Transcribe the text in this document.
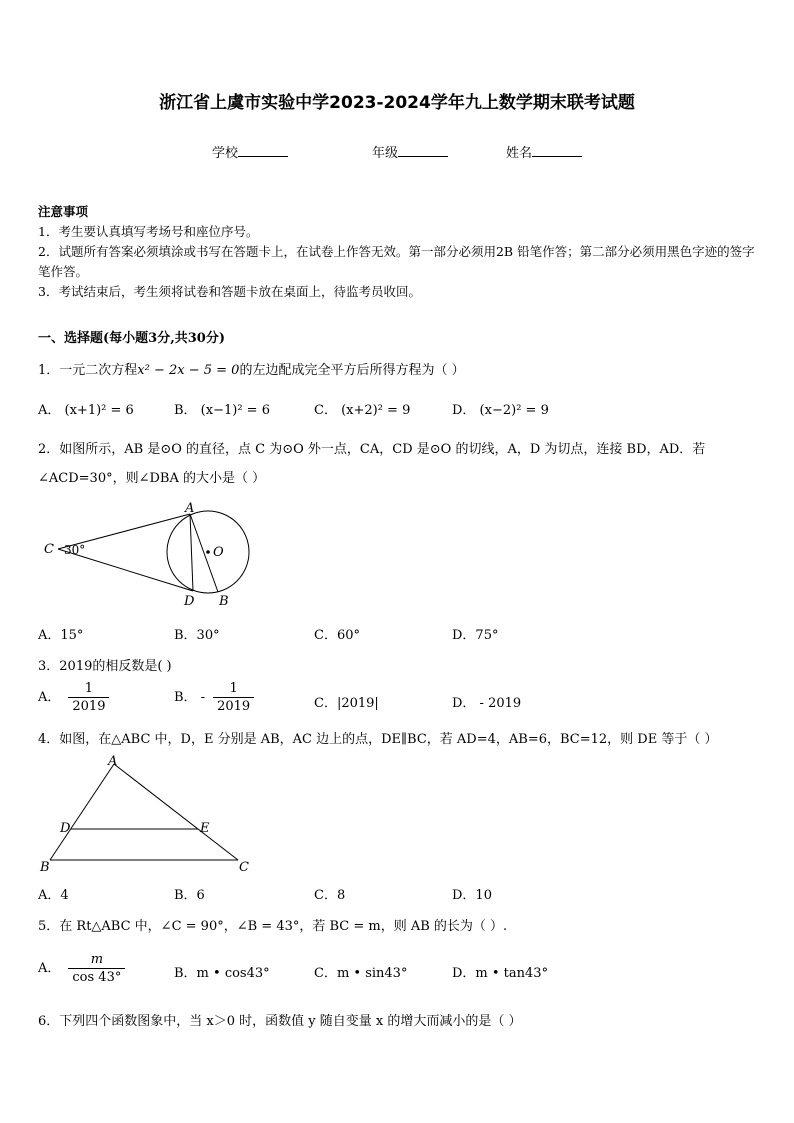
浙江省上虞市实验中学2023-2024学年九上数学期末联考试题
学校	年级	姓名
注意事项
1．考生要认真填写考场号和座位序号。
2．试题所有答案必须填涂或书写在答题卡上，在试卷上作答无效。第一部分必须用2B 铅笔作答；第二部分必须用黑色字迹的签字笔作答。
3．考试结束后，考生须将试卷和答题卡放在桌面上，待监考员收回。
一、选择题(每小题3分,共30分)
1．一元二次方程x² − 2x − 5 = 0的左边配成完全平方后所得方程为（ ）
A． (x+1)² = 6	B． (x−1)² = 6	C． (x+2)² = 9	D． (x−2)² = 9
2．如图所示，AB 是⊙O 的直径，点 C 为⊙O 外一点，CA，CD 是⊙O 的切线，A，D 为切点，连接 BD，AD．若
∠ACD=30°，则∠DBA 的大小是（ ）
A
B
C
D
O
30°
A．15°	B．30°	C．60°	D．75°
3．2019的相反数是( )
A． $\frac{1}{2019}$	B． - $\frac{1}{2019}$	C．|2019|	D． - 2019
4．如图，在△ABC 中，D，E 分别是 AB，AC 边上的点，DE∥BC，若 AD=4，AB=6，BC=12，则 DE 等于（ ）
A
B	C
D	E
A．4	B．6	C．8	D．10
5．在 Rt△ABC 中，∠C = 90°，∠B = 43°，若 BC = m，则 AB 的长为（ ）.
A． $\frac{m}{\cos 43^\circ}$	B．m • cos43°	C．m • sin43°	D．m • tan43°
6．下列四个函数图象中，当 x＞0 时，函数值 y 随自变量 x 的增大而减小的是（ ）
